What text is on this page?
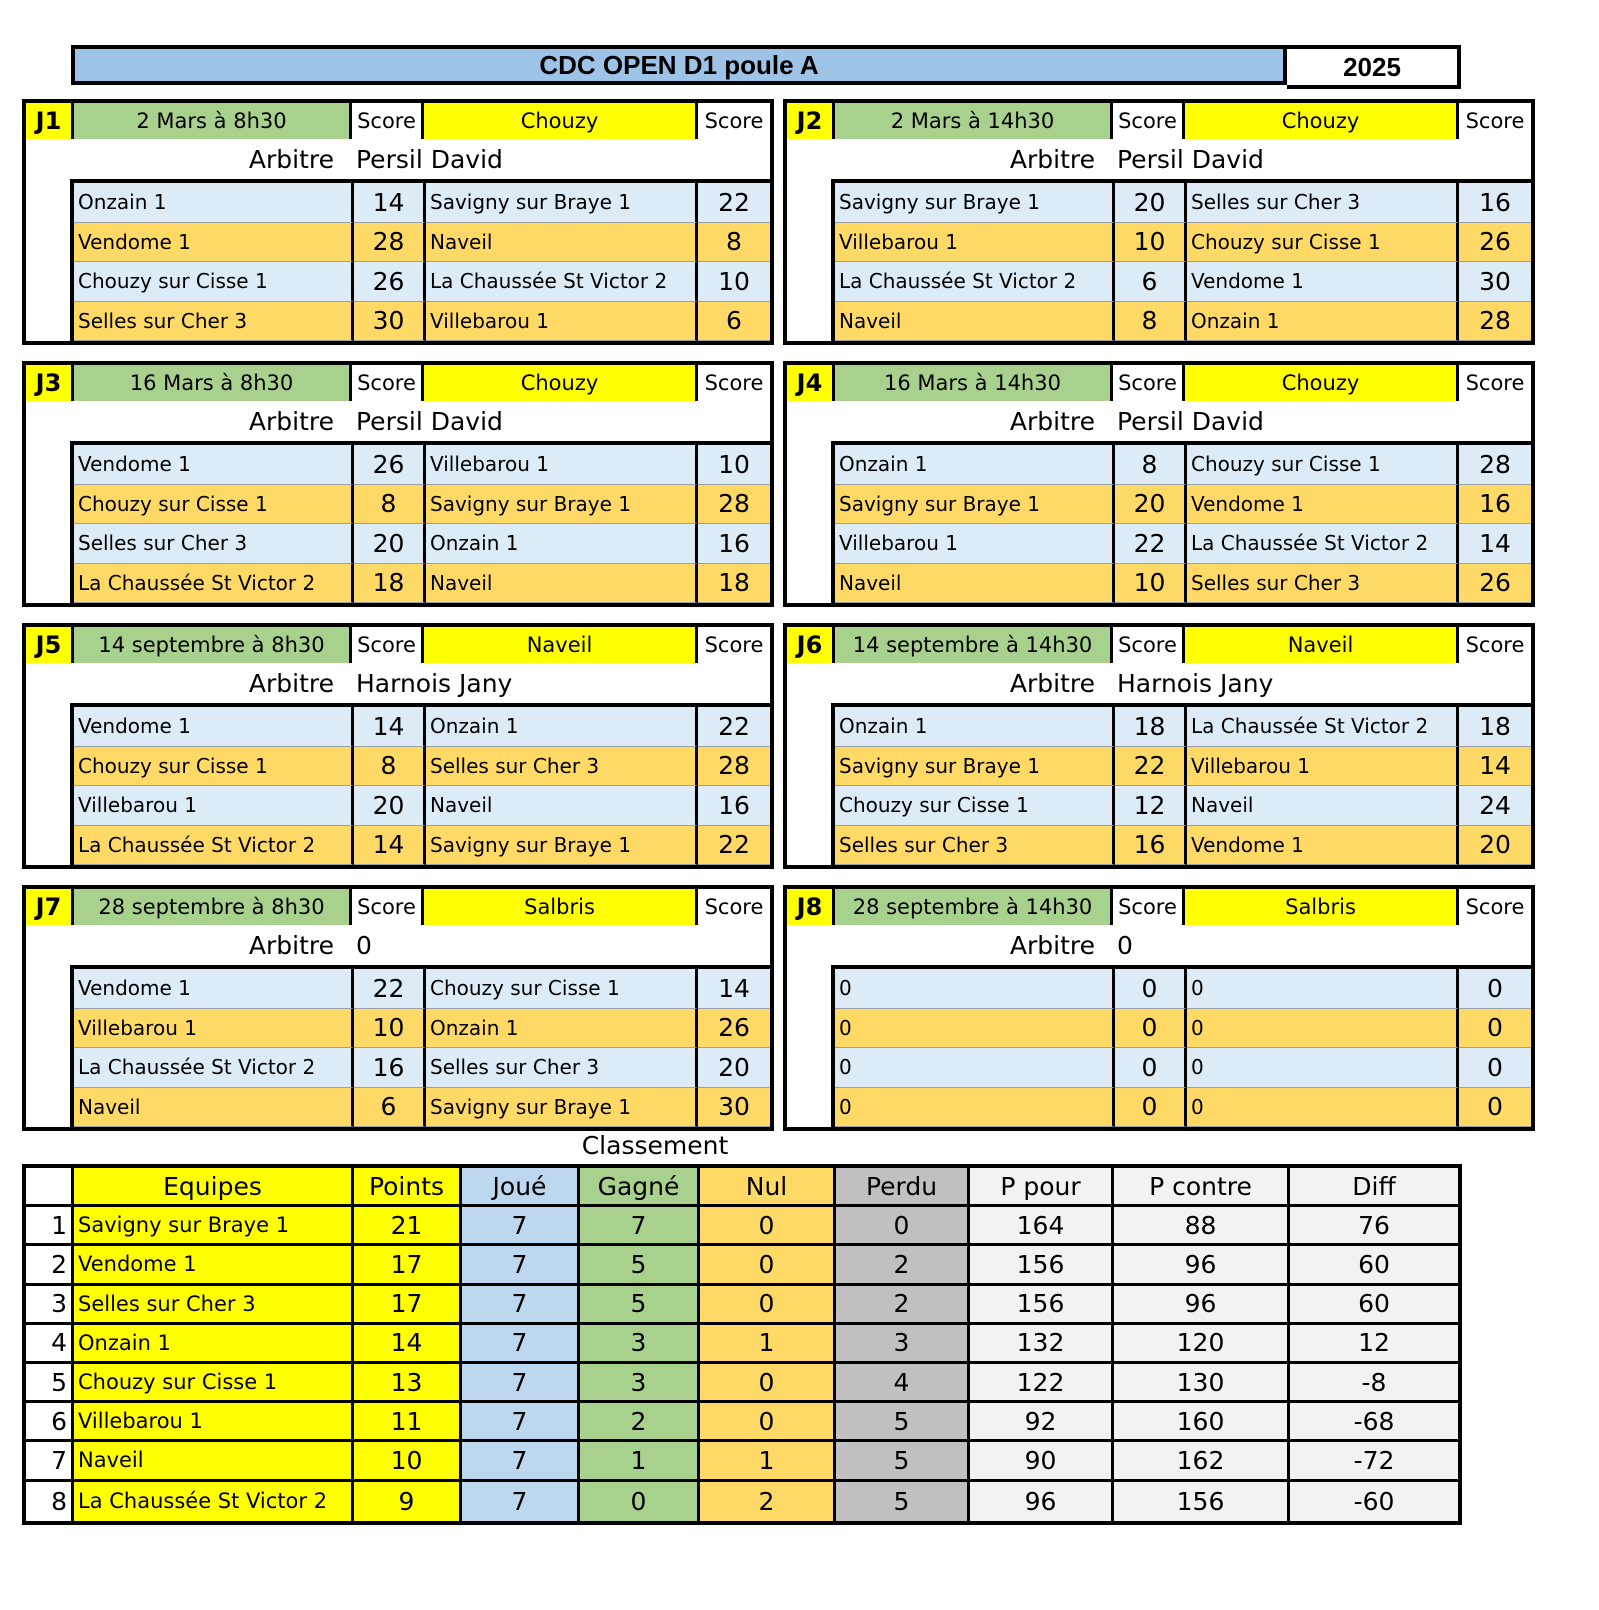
CDC OPEN D1 poule A	2025
J1	2 Mars à 8h30	Score	Chouzy	Score
Arbitre Persil David
Onzain 1	14	Savigny sur Braye 1	22
Vendome 1	28	Naveil	8
Chouzy sur Cisse 1	26	La Chaussée St Victor 2	10
Selles sur Cher 3	30	Villebarou 1	6
J2	2 Mars à 14h30	Score	Chouzy	Score
Arbitre Persil David
Savigny sur Braye 1	20	Selles sur Cher 3	16
Villebarou 1	10	Chouzy sur Cisse 1	26
La Chaussée St Victor 2	6	Vendome 1	30
Naveil	8	Onzain 1	28
J3	16 Mars à 8h30	Score	Chouzy	Score
Arbitre Persil David
Vendome 1	26	Villebarou 1	10
Chouzy sur Cisse 1	8	Savigny sur Braye 1	28
Selles sur Cher 3	20	Onzain 1	16
La Chaussée St Victor 2	18	Naveil	18
J4	16 Mars à 14h30	Score	Chouzy	Score
Arbitre Persil David
Onzain 1	8	Chouzy sur Cisse 1	28
Savigny sur Braye 1	20	Vendome 1	16
Villebarou 1	22	La Chaussée St Victor 2	14
Naveil	10	Selles sur Cher 3	26
J5	14 septembre à 8h30	Score	Naveil	Score
Arbitre Harnois Jany
Vendome 1	14	Onzain 1	22
Chouzy sur Cisse 1	8	Selles sur Cher 3	28
Villebarou 1	20	Naveil	16
La Chaussée St Victor 2	14	Savigny sur Braye 1	22
J6	14 septembre à 14h30	Score	Naveil	Score
Arbitre Harnois Jany
Onzain 1	18	La Chaussée St Victor 2	18
Savigny sur Braye 1	22	Villebarou 1	14
Chouzy sur Cisse 1	12	Naveil	24
Selles sur Cher 3	16	Vendome 1	20
J7	28 septembre à 8h30	Score	Salbris	Score
Arbitre 0
Vendome 1	22	Chouzy sur Cisse 1	14
Villebarou 1	10	Onzain 1	26
La Chaussée St Victor 2	16	Selles sur Cher 3	20
Naveil	6	Savigny sur Braye 1	30
J8	28 septembre à 14h30	Score	Salbris	Score
Arbitre 0
0	0	0	0
0	0	0	0
0	0	0	0
0	0	0	0
Classement
Equipes	Points	Joué	Gagné	Nul	Perdu	P pour	P contre	Diff
1 Savigny sur Braye 1	21	7	7	0	0	164	88	76
2 Vendome 1	17	7	5	0	2	156	96	60
3 Selles sur Cher 3	17	7	5	0	2	156	96	60
4 Onzain 1	14	7	3	1	3	132	120	12
5 Chouzy sur Cisse 1	13	7	3	0	4	122	130	-8
6 Villebarou 1	11	7	2	0	5	92	160	-68
7 Naveil	10	7	1	1	5	90	162	-72
8 La Chaussée St Victor 2	9	7	0	2	5	96	156	-60
